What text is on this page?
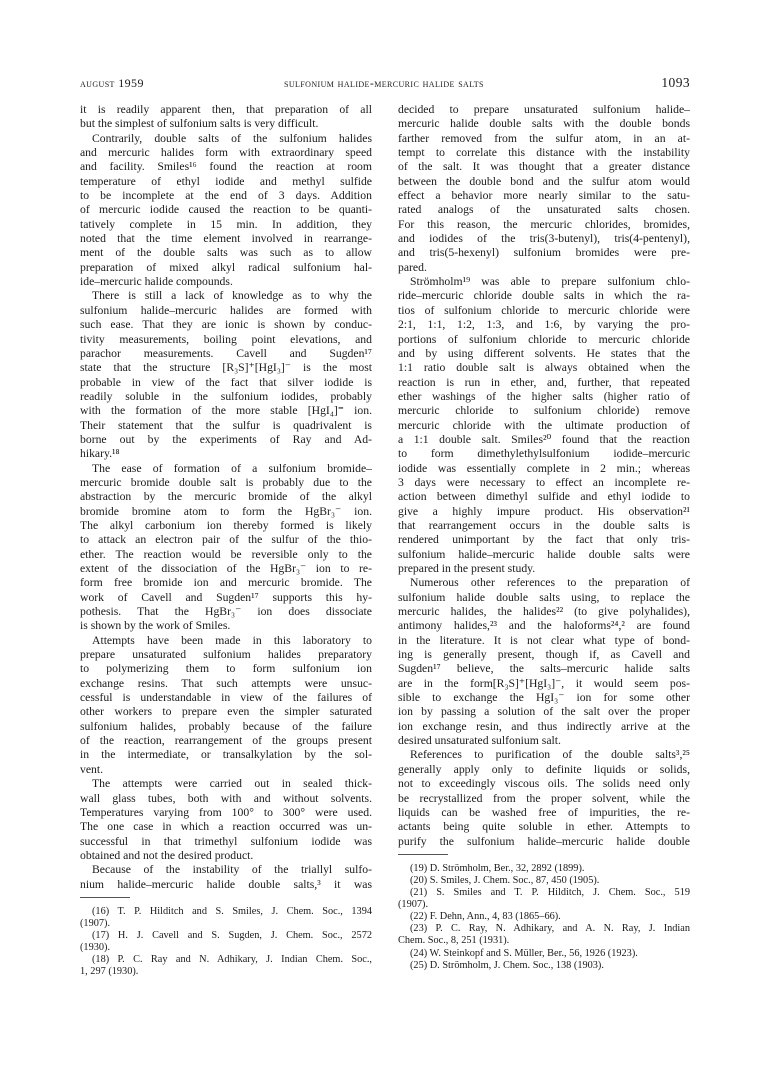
august 1959	sulfonium halide-mercuric halide salts	1093
it is readily apparent then, that preparation of all
but the simplest of sulfonium salts is very difficult.
Contrarily, double salts of the sulfonium halides
and mercuric halides form with extraordinary speed
and facility. Smiles¹⁶ found the reaction at room
temperature of ethyl iodide and methyl sulfide
to be incomplete at the end of 3 days. Addition
of mercuric iodide caused the reaction to be quanti-
tatively complete in 15 min. In addition, they
noted that the time element involved in rearrange-
ment of the double salts was such as to allow
preparation of mixed alkyl radical sulfonium hal-
ide–mercuric halide compounds.
There is still a lack of knowledge as to why the
sulfonium halide–mercuric halides are formed with
such ease. That they are ionic is shown by conduc-
tivity measurements, boiling point elevations, and
parachor measurements. Cavell and Sugden¹⁷
state that the structure [R₃S]⁺[HgI₃]⁻ is the most
probable in view of the fact that silver iodide is
readily soluble in the sulfonium iodides, probably
with the formation of the more stable [HgI₄]⁼ ion.
Their statement that the sulfur is quadrivalent is
borne out by the experiments of Ray and Ad-
hikary.¹⁸
The ease of formation of a sulfonium bromide–
mercuric bromide double salt is probably due to the
abstraction by the mercuric bromide of the alkyl
bromide bromine atom to form the HgBr₃⁻ ion.
The alkyl carbonium ion thereby formed is likely
to attack an electron pair of the sulfur of the thio-
ether. The reaction would be reversible only to the
extent of the dissociation of the HgBr₃⁻ ion to re-
form free bromide ion and mercuric bromide. The
work of Cavell and Sugden¹⁷ supports this hy-
pothesis. That the HgBr₃⁻ ion does dissociate
is shown by the work of Smiles.
Attempts have been made in this laboratory to
prepare unsaturated sulfonium halides preparatory
to polymerizing them to form sulfonium ion
exchange resins. That such attempts were unsuc-
cessful is understandable in view of the failures of
other workers to prepare even the simpler saturated
sulfonium halides, probably because of the failure
of the reaction, rearrangement of the groups present
in the intermediate, or transalkylation by the sol-
vent.
The attempts were carried out in sealed thick-
wall glass tubes, both with and without solvents.
Temperatures varying from 100° to 300° were used.
The one case in which a reaction occurred was un-
successful in that trimethyl sulfonium iodide was
obtained and not the desired product.
Because of the instability of the triallyl sulfo-
nium halide–mercuric halide double salts,³ it was
(16) T. P. Hilditch and S. Smiles, J. Chem. Soc., 1394
(1907).
(17) H. J. Cavell and S. Sugden, J. Chem. Soc., 2572
(1930).
(18) P. C. Ray and N. Adhikary, J. Indian Chem. Soc.,
1, 297 (1930).
decided to prepare unsaturated sulfonium halide–
mercuric halide double salts with the double bonds
farther removed from the sulfur atom, in an at-
tempt to correlate this distance with the instability
of the salt. It was thought that a greater distance
between the double bond and the sulfur atom would
effect a behavior more nearly similar to the satu-
rated analogs of the unsaturated salts chosen.
For this reason, the mercuric chlorides, bromides,
and iodides of the tris(3-butenyl), tris(4-pentenyl),
and tris(5-hexenyl) sulfonium bromides were pre-
pared.
Strömholm¹⁹ was able to prepare sulfonium chlo-
ride–mercuric chloride double salts in which the ra-
tios of sulfonium chloride to mercuric chloride were
2:1, 1:1, 1:2, 1:3, and 1:6, by varying the pro-
portions of sulfonium chloride to mercuric chloride
and by using different solvents. He states that the
1:1 ratio double salt is always obtained when the
reaction is run in ether, and, further, that repeated
ether washings of the higher salts (higher ratio of
mercuric chloride to sulfonium chloride) remove
mercuric chloride with the ultimate production of
a 1:1 double salt. Smiles²⁰ found that the reaction
to form dimethylethylsulfonium iodide–mercuric
iodide was essentially complete in 2 min.; whereas
3 days were necessary to effect an incomplete re-
action between dimethyl sulfide and ethyl iodide to
give a highly impure product. His observation²¹
that rearrangement occurs in the double salts is
rendered unimportant by the fact that only tris-
sulfonium halide–mercuric halide double salts were
prepared in the present study.
Numerous other references to the preparation of
sulfonium halide double salts using, to replace the
mercuric halides, the halides²² (to give polyhalides),
antimony halides,²³ and the haloforms²⁴,² are found
in the literature. It is not clear what type of bond-
ing is generally present, though if, as Cavell and
Sugden¹⁷ believe, the salts–mercuric halide salts
are in the form[R₃S]⁺[HgI₃]⁻, it would seem pos-
sible to exchange the HgI₃⁻ ion for some other
ion by passing a solution of the salt over the proper
ion exchange resin, and thus indirectly arrive at the
desired unsaturated sulfonium salt.
References to purification of the double salts³,²⁵
generally apply only to definite liquids or solids,
not to exceedingly viscous oils. The solids need only
be recrystallized from the proper solvent, while the
liquids can be washed free of impurities, the re-
actants being quite soluble in ether. Attempts to
purify the sulfonium halide–mercuric halide double
(19) D. Strömholm, Ber., 32, 2892 (1899).
(20) S. Smiles, J. Chem. Soc., 87, 450 (1905).
(21) S. Smiles and T. P. Hilditch, J. Chem. Soc., 519
(1907).
(22) F. Dehn, Ann., 4, 83 (1865–66).
(23) P. C. Ray, N. Adhikary, and A. N. Ray, J. Indian
Chem. Soc., 8, 251 (1931).
(24) W. Steinkopf and S. Müller, Ber., 56, 1926 (1923).
(25) D. Strömholm, J. Chem. Soc., 138 (1903).
